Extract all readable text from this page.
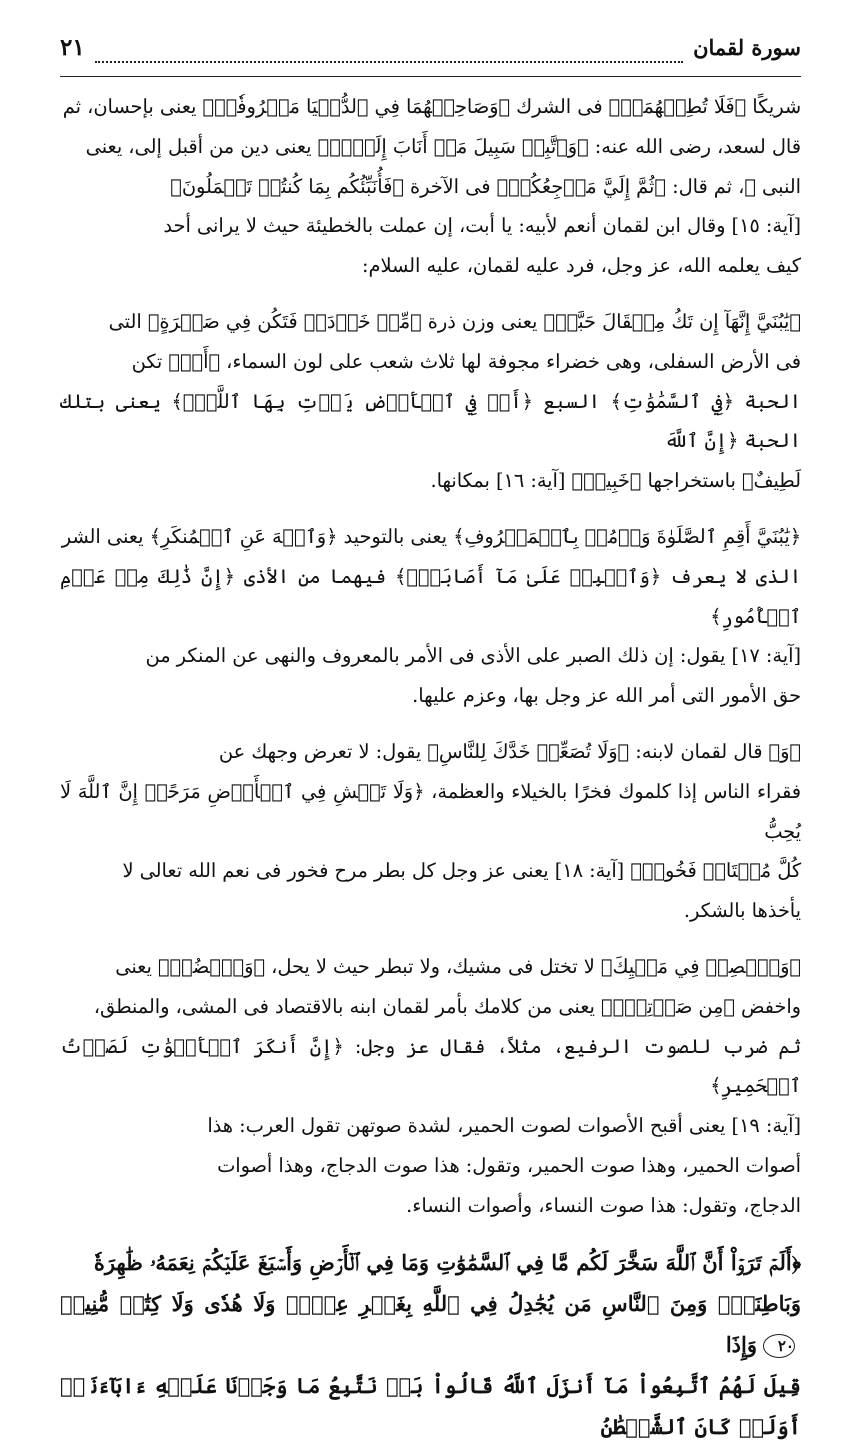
سورة لقمان
٢١

شريكًا ﴿فَلَا تُطِعۡهُمَاۖ﴾ فى الشرك ﴿وَصَاحِبۡهُمَا فِي ٱلدُّنۡيَا مَعۡرُوفٗاۖ﴾ يعنى بإحسان، ثم
قال لسعد، رضى الله عنه: ﴿وَٱتَّبِعۡ سَبِيلَ مَنۡ أَنَابَ إِلَيَّۚ﴾ يعنى دين من أقبل إلى، يعنى
النبى ﷺ، ثم قال: ﴿ثُمَّ إِلَيَّ مَرۡجِعُكُمۡ﴾ فى الآخرة ﴿فَأُنَبِّئُكُم بِمَا كُنتُمۡ تَعۡمَلُونَ﴾
[آية: ١٥] وقال ابن لقمان أنعم لأبيه: يا أبت، إن عملت بالخطيئة حيث لا يرانى أحد
كيف يعلمه الله، عز وجل، فرد عليه لقمان، عليه السلام:

﴿يَٰبُنَيَّ إِنَّهَآ إِن تَكُ مِثۡقَالَ حَبَّةٖ﴾ يعنى وزن ذرة ﴿مِّنۡ خَرۡدَلٖ فَتَكُن فِي صَخۡرَةٍ﴾ التى
فى الأرض السفلى، وهى خضراء مجوفة لها ثلاث شعب على لون السماء، ﴿أَوۡ﴾ تكن
الحبة ﴿فِي ٱلسَّمَٰوَٰتِ﴾ السبع ﴿أَوۡ فِي ٱلۡأَرۡضِ يَأۡتِ بِهَا ٱللَّهُۚ﴾ يعنى بتلك الحبة ﴿إِنَّ ٱللَّهَ
لَطِيفٌ﴾ باستخراجها ﴿خَبِيرٞ﴾ [آية: ١٦] بمكانها.

﴿يَٰبُنَيَّ أَقِمِ ٱلصَّلَوٰةَ وَأۡمُرۡ بِٱلۡمَعۡرُوفِ﴾ يعنى بالتوحيد ﴿وَٱنۡهَ عَنِ ٱلۡمُنكَرِ﴾ يعنى الشر
الذى لا يعرف ﴿وَٱصۡبِرۡ عَلَىٰ مَآ أَصَابَكَۖ﴾ فيهما من الأذى ﴿إِنَّ ذَٰلِكَ مِنۡ عَزۡمِ ٱلۡأُمُورِ﴾
[آية: ١٧] يقول: إن ذلك الصبر على الأذى فى الأمر بالمعروف والنهى عن المنكر من
حق الأمور التى أمر الله عز وجل بها، وعزم عليها.

﴿وَ﴾ قال لقمان لابنه: ﴿وَلَا تُصَعِّرۡ خَدَّكَ لِلنَّاسِ﴾ يقول: لا تعرض وجهك عن
فقراء الناس إذا كلموك فخرًا بالخيلاء والعظمة، ﴿وَلَا تَمۡشِ فِي ٱلۡأَرۡضِ مَرَحًاۖ إِنَّ ٱللَّهَ لَا يُحِبُّ
كُلَّ مُخۡتَالٖ فَخُورٖ﴾ [آية: ١٨] يعنى عز وجل كل بطر مرح فخور فى نعم الله تعالى لا
يأخذها بالشكر.

﴿وَٱقۡصِدۡ فِي مَشۡيِكَ﴾ لا تختل فى مشيك، ولا تبطر حيث لا يحل، ﴿وَٱغۡضُضۡ﴾ يعنى
واخفض ﴿مِن صَوۡتِكَۚ﴾ يعنى من كلامك بأمر لقمان ابنه بالاقتصاد فى المشى، والمنطق،
ثم ضرب للصوت الرفيع، مثلاً، فقال عز وجل: ﴿إِنَّ أَنكَرَ ٱلۡأَصۡوَٰتِ لَصَوۡتُ ٱلۡحَمِيرِ﴾
[آية: ١٩] يعنى أقبح الأصوات لصوت الحمير، لشدة صوتهن تقول العرب: هذا
أصوات الحمير، وهذا صوت الحمير، وتقول: هذا صوت الدجاج، وهذا أصوات
الدجاج، وتقول: هذا صوت النساء، وأصوات النساء.

﴿أَلَمۡ تَرَوۡاْ أَنَّ ٱللَّهَ سَخَّرَ لَكُم مَّا فِي ٱلسَّمَٰوَٰتِ وَمَا فِي ٱلۡأَرۡضِ وَأَسۡبَغَ عَلَيۡكُمۡ نِعَمَهُۥ ظَٰهِرَةٗ
وَبَاطِنَةٗۗ وَمِنَ ٱلنَّاسِ مَن يُجَٰدِلُ فِي ٱللَّهِ بِغَيۡرِ عِلۡمٖ وَلَا هُدٗى وَلَا كِتَٰبٖ مُّنِيرٖ٢٠وَإِذَا
قِيلَ لَهُمُ ٱتَّبِعُواْ مَآ أَنزَلَ ٱللَّهُ قَالُواْ بَلۡ نَتَّبِعُ مَا وَجَدۡنَا عَلَيۡهِ ءَابَآءَنَآۚ أَوَلَوۡ كَانَ ٱلشَّيۡطَٰنُ
